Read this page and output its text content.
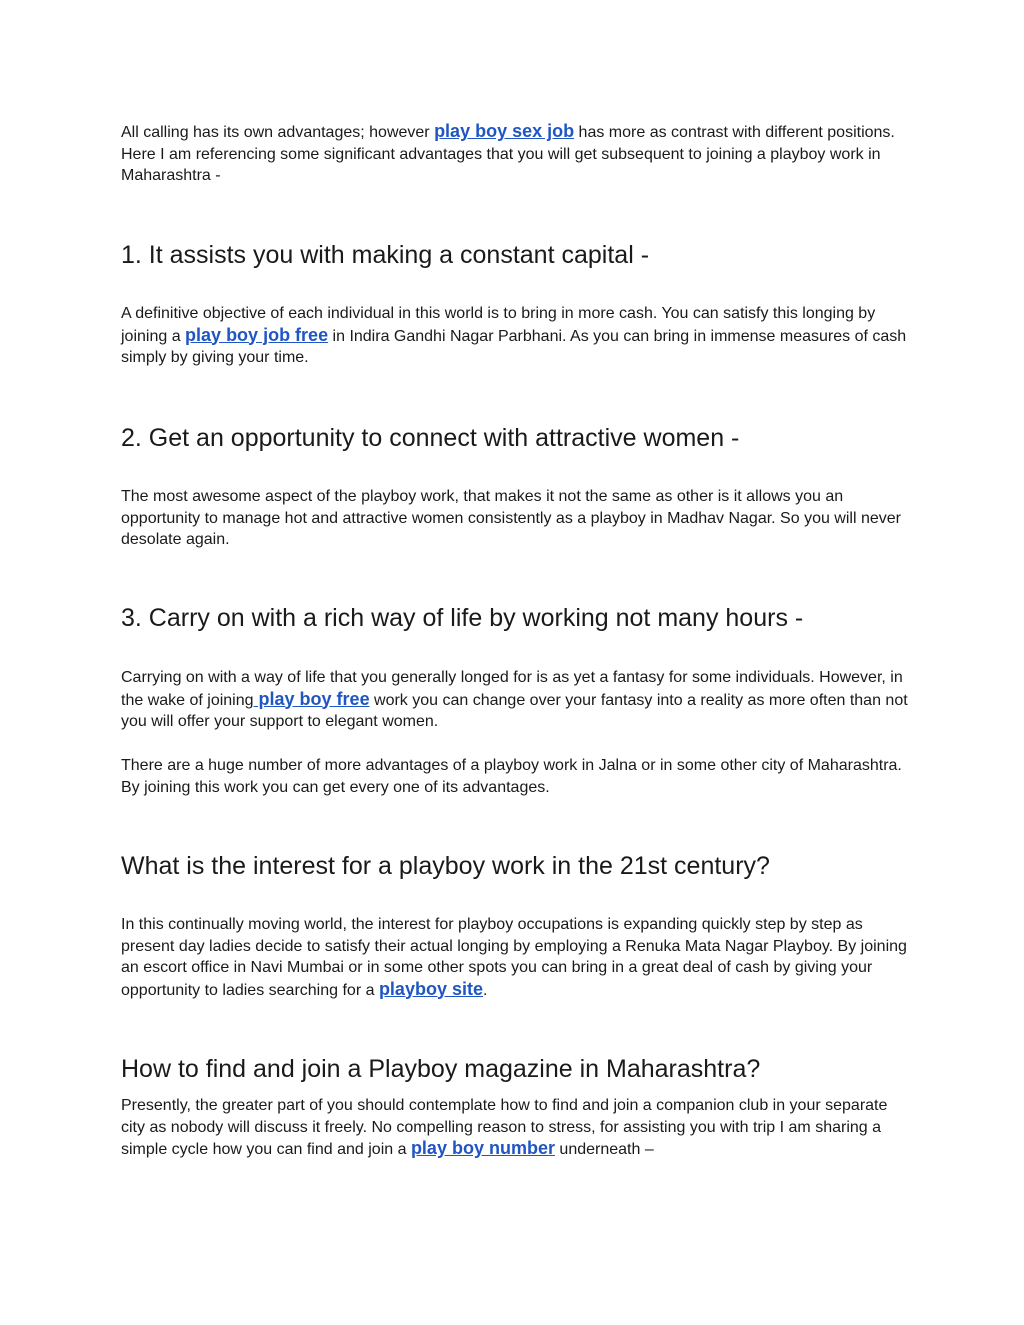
All calling has its own advantages; however play boy sex job has more as contrast with different positions. Here I am referencing some significant advantages that you will get subsequent to joining a playboy work in Maharashtra -

1. It assists you with making a constant capital -

A definitive objective of each individual in this world is to bring in more cash. You can satisfy this longing by joining a play boy job free in Indira Gandhi Nagar Parbhani. As you can bring in immense measures of cash simply by giving your time.

2. Get an opportunity to connect with attractive women -

The most awesome aspect of the playboy work, that makes it not the same as other is it allows you an opportunity to manage hot and attractive women consistently as a playboy in Madhav Nagar. So you will never desolate again.

3. Carry on with a rich way of life by working not many hours -

Carrying on with a way of life that you generally longed for is as yet a fantasy for some individuals. However, in the wake of joining play boy free work you can change over your fantasy into a reality as more often than not you will offer your support to elegant women.

There are a huge number of more advantages of a playboy work in Jalna or in some other city of Maharashtra. By joining this work you can get every one of its advantages.

What is the interest for a playboy work in the 21st century?

In this continually moving world, the interest for playboy occupations is expanding quickly step by step as present day ladies decide to satisfy their actual longing by employing a Renuka Mata Nagar Playboy. By joining an escort office in Navi Mumbai or in some other spots you can bring in a great deal of cash by giving your opportunity to ladies searching for a playboy site.

How to find and join a Playboy magazine in Maharashtra?

Presently, the greater part of you should contemplate how to find and join a companion club in your separate city as nobody will discuss it freely. No compelling reason to stress, for assisting you with trip I am sharing a simple cycle how you can find and join a play boy number underneath –
